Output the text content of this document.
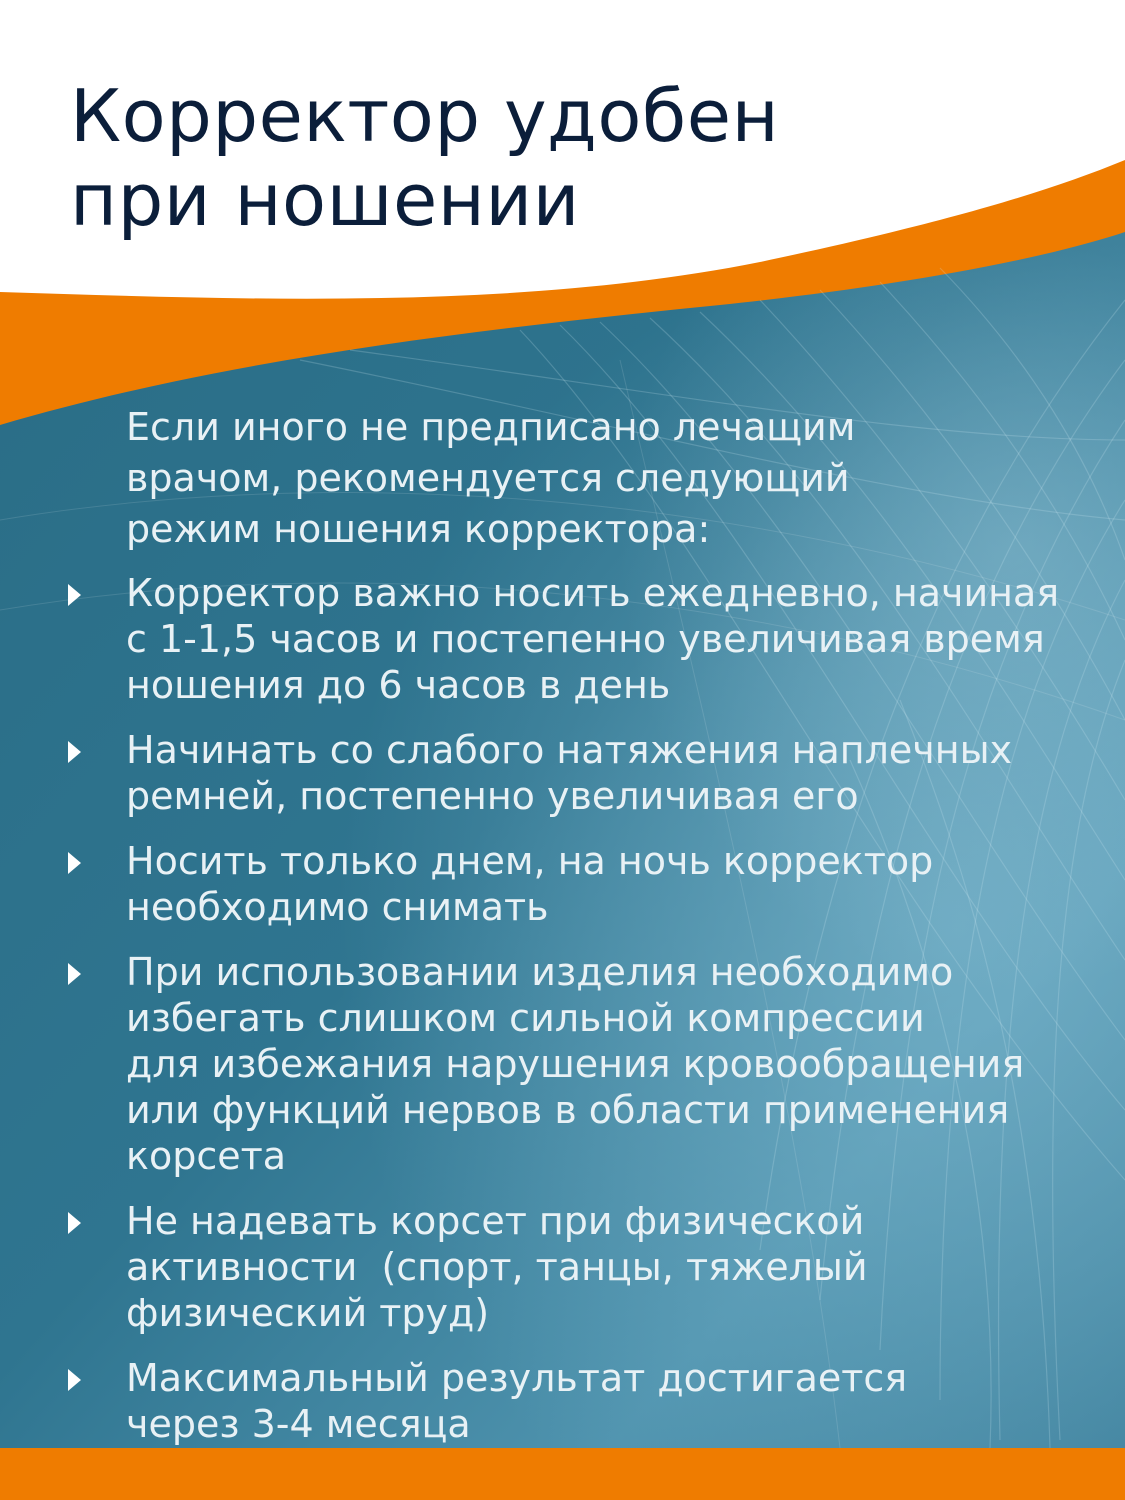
Корректор удобен
при ношении

Если иного не предписано лечащим
врачом, рекомендуется следующий
режим ношения корректора:

Корректор важно носить ежедневно, начиная
с 1-1,5 часов и постепенно увеличивая время
ношения до 6 часов в день
Начинать со слабого натяжения наплечных
ремней, постепенно увеличивая его
Носить только днем, на ночь корректор
необходимо снимать
При использовании изделия необходимо
избегать слишком сильной компрессии
для избежания нарушения кровообращения
или функций нервов в области применения
корсета
Не надевать корсет при физической
активности  (спорт, танцы, тяжелый
физический труд)
Максимальный результат достигается
через 3-4 месяца
